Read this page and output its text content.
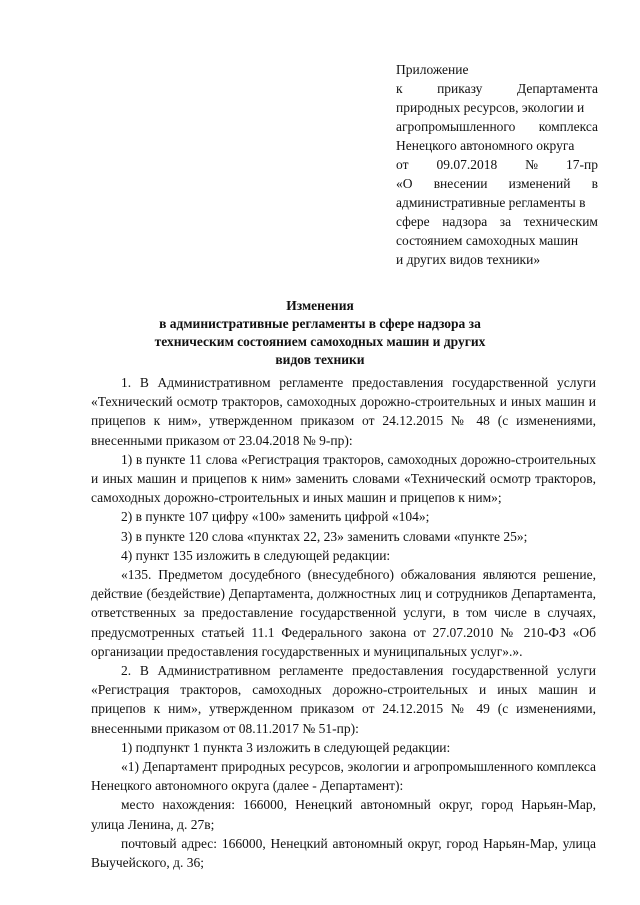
Приложение
к	приказу	Департамента
природных ресурсов, экологии и
агропромышленного комплекса
Ненецкого автономного округа
от 09.07.2018 № 17-пр
«О внесении изменений в
административные регламенты в
сфере надзора за техническим
состоянием самоходных машин
и других видов техники»
Изменения
в административные регламенты в сфере надзора за
техническим состоянием самоходных машин и других
видов техники

1. В Административном регламенте предоставления государственной услуги «Технический осмотр тракторов, самоходных дорожно-строительных и иных машин и прицепов к ним», утвержденном приказом от 24.12.2015 № 48 (с изменениями, внесенными приказом от 23.04.2018 № 9-пр):

1) в пункте 11 слова «Регистрация тракторов, самоходных дорожно-строительных и иных машин и прицепов к ним» заменить словами «Технический осмотр тракторов, самоходных дорожно-строительных и иных машин и прицепов к ним»;

2) в пункте 107 цифру «100» заменить цифрой «104»;

3) в пункте 120 слова «пунктах 22, 23» заменить словами «пункте 25»;

4) пункт 135 изложить в следующей редакции:

«135. Предметом досудебного (внесудебного) обжалования являются решение, действие (бездействие) Департамента, должностных лиц и сотрудников Департамента, ответственных за предоставление государственной услуги, в том числе в случаях, предусмотренных статьей 11.1 Федерального закона от 27.07.2010 № 210-ФЗ «Об организации предоставления государственных и муниципальных услуг».».

2. В Административном регламенте предоставления государственной услуги «Регистрация тракторов, самоходных дорожно-строительных и иных машин и прицепов к ним», утвержденном приказом от 24.12.2015 № 49 (с изменениями, внесенными приказом от 08.11.2017 № 51-пр):

1) подпункт 1 пункта 3 изложить в следующей редакции:

«1) Департамент природных ресурсов, экологии и агропромышленного комплекса Ненецкого автономного округа (далее - Департамент):

место нахождения: 166000, Ненецкий автономный округ, город Нарьян-Мар, улица Ленина, д. 27в;

почтовый адрес: 166000, Ненецкий автономный округ, город Нарьян-Мар, улица Выучейского, д. 36;
